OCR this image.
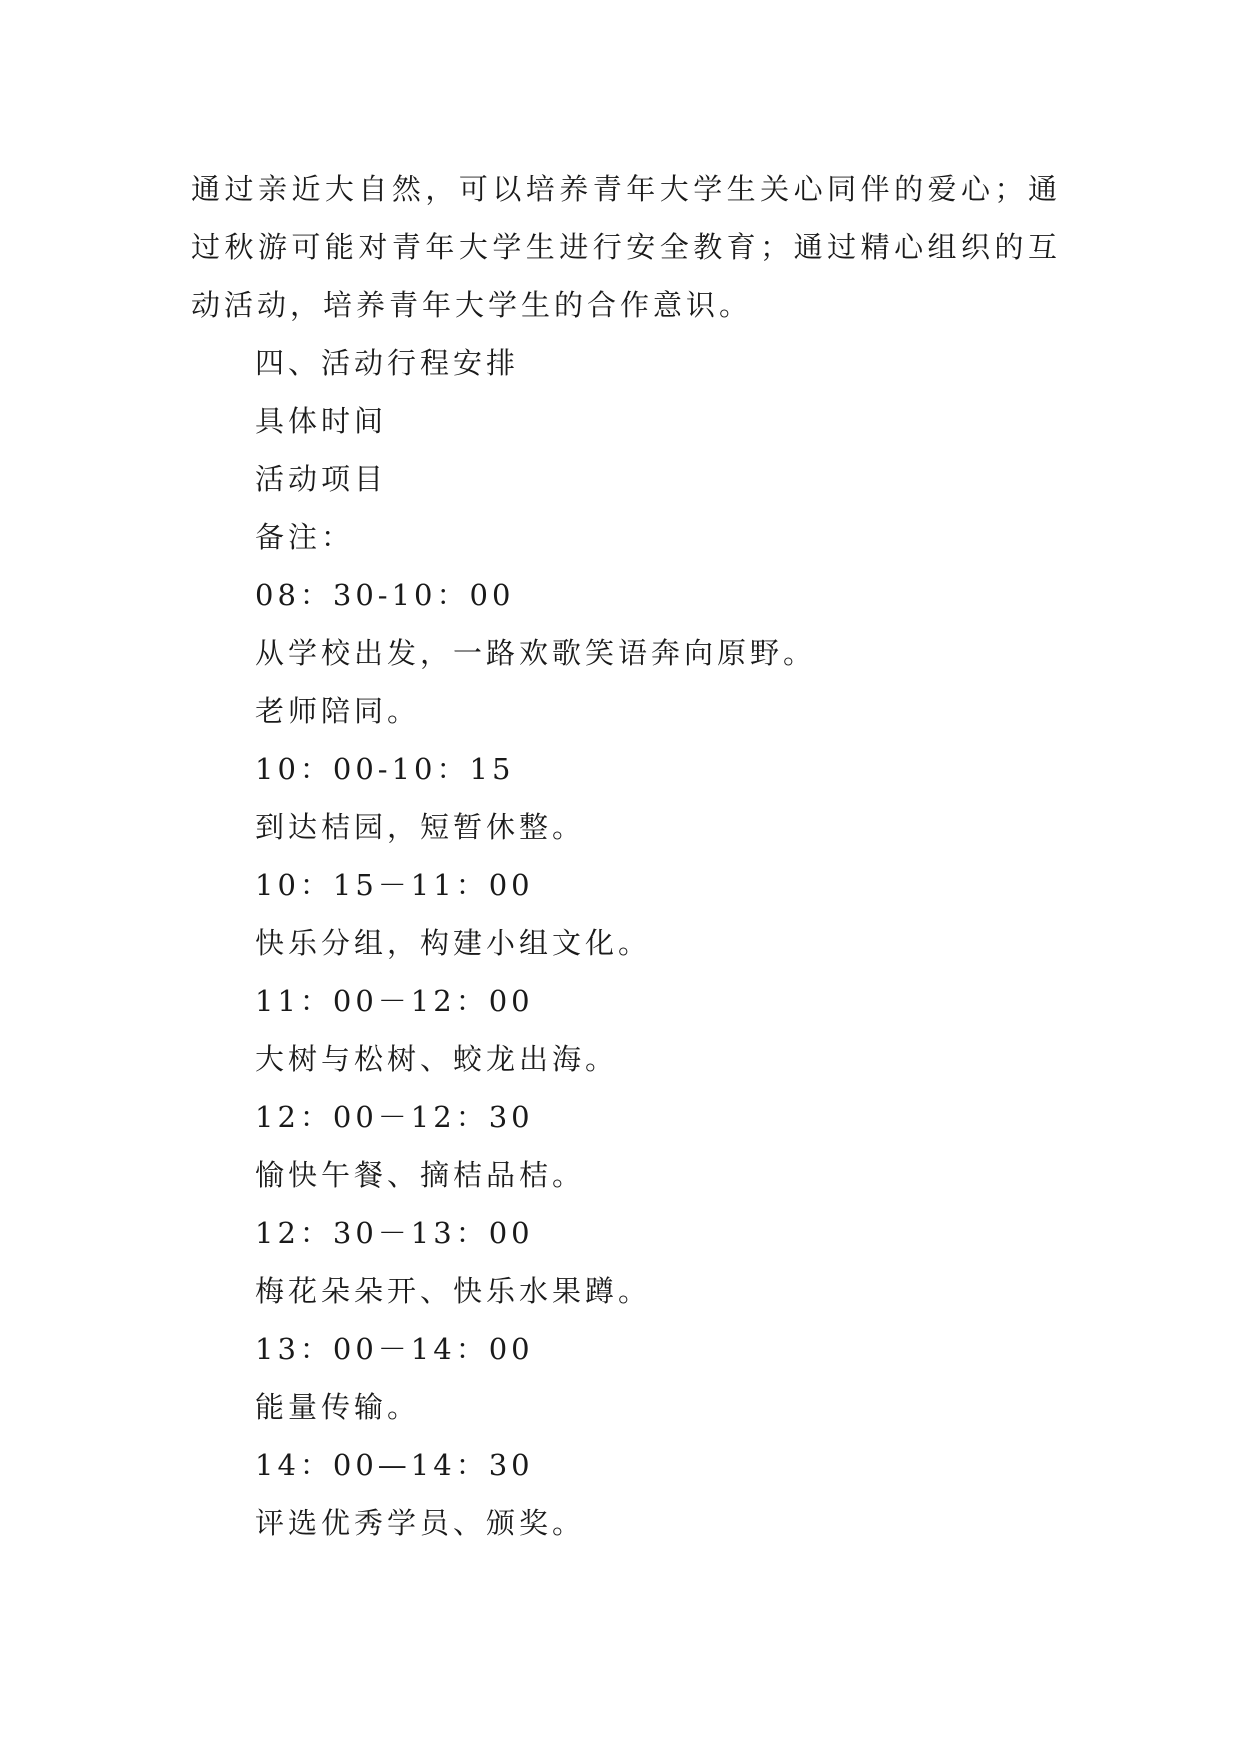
通过亲近大自然，可以培养青年大学生关心同伴的爱心；通过秋游可能对青年大学生进行安全教育；通过精心组织的互动活动，培养青年大学生的合作意识。

四、活动行程安排
具体时间
活动项目
备注：
08：30-10：00
从学校出发，一路欢歌笑语奔向原野。
老师陪同。
10：00-10：15
到达桔园，短暂休整。
10：15－11：00
快乐分组，构建小组文化。
11：00－12：00
大树与松树、蛟龙出海。
12：00－12：30
愉快午餐、摘桔品桔。
12：30－13：00
梅花朵朵开、快乐水果蹲。
13：00－14：00
能量传输。
14：00—14：30
评选优秀学员、颁奖。
